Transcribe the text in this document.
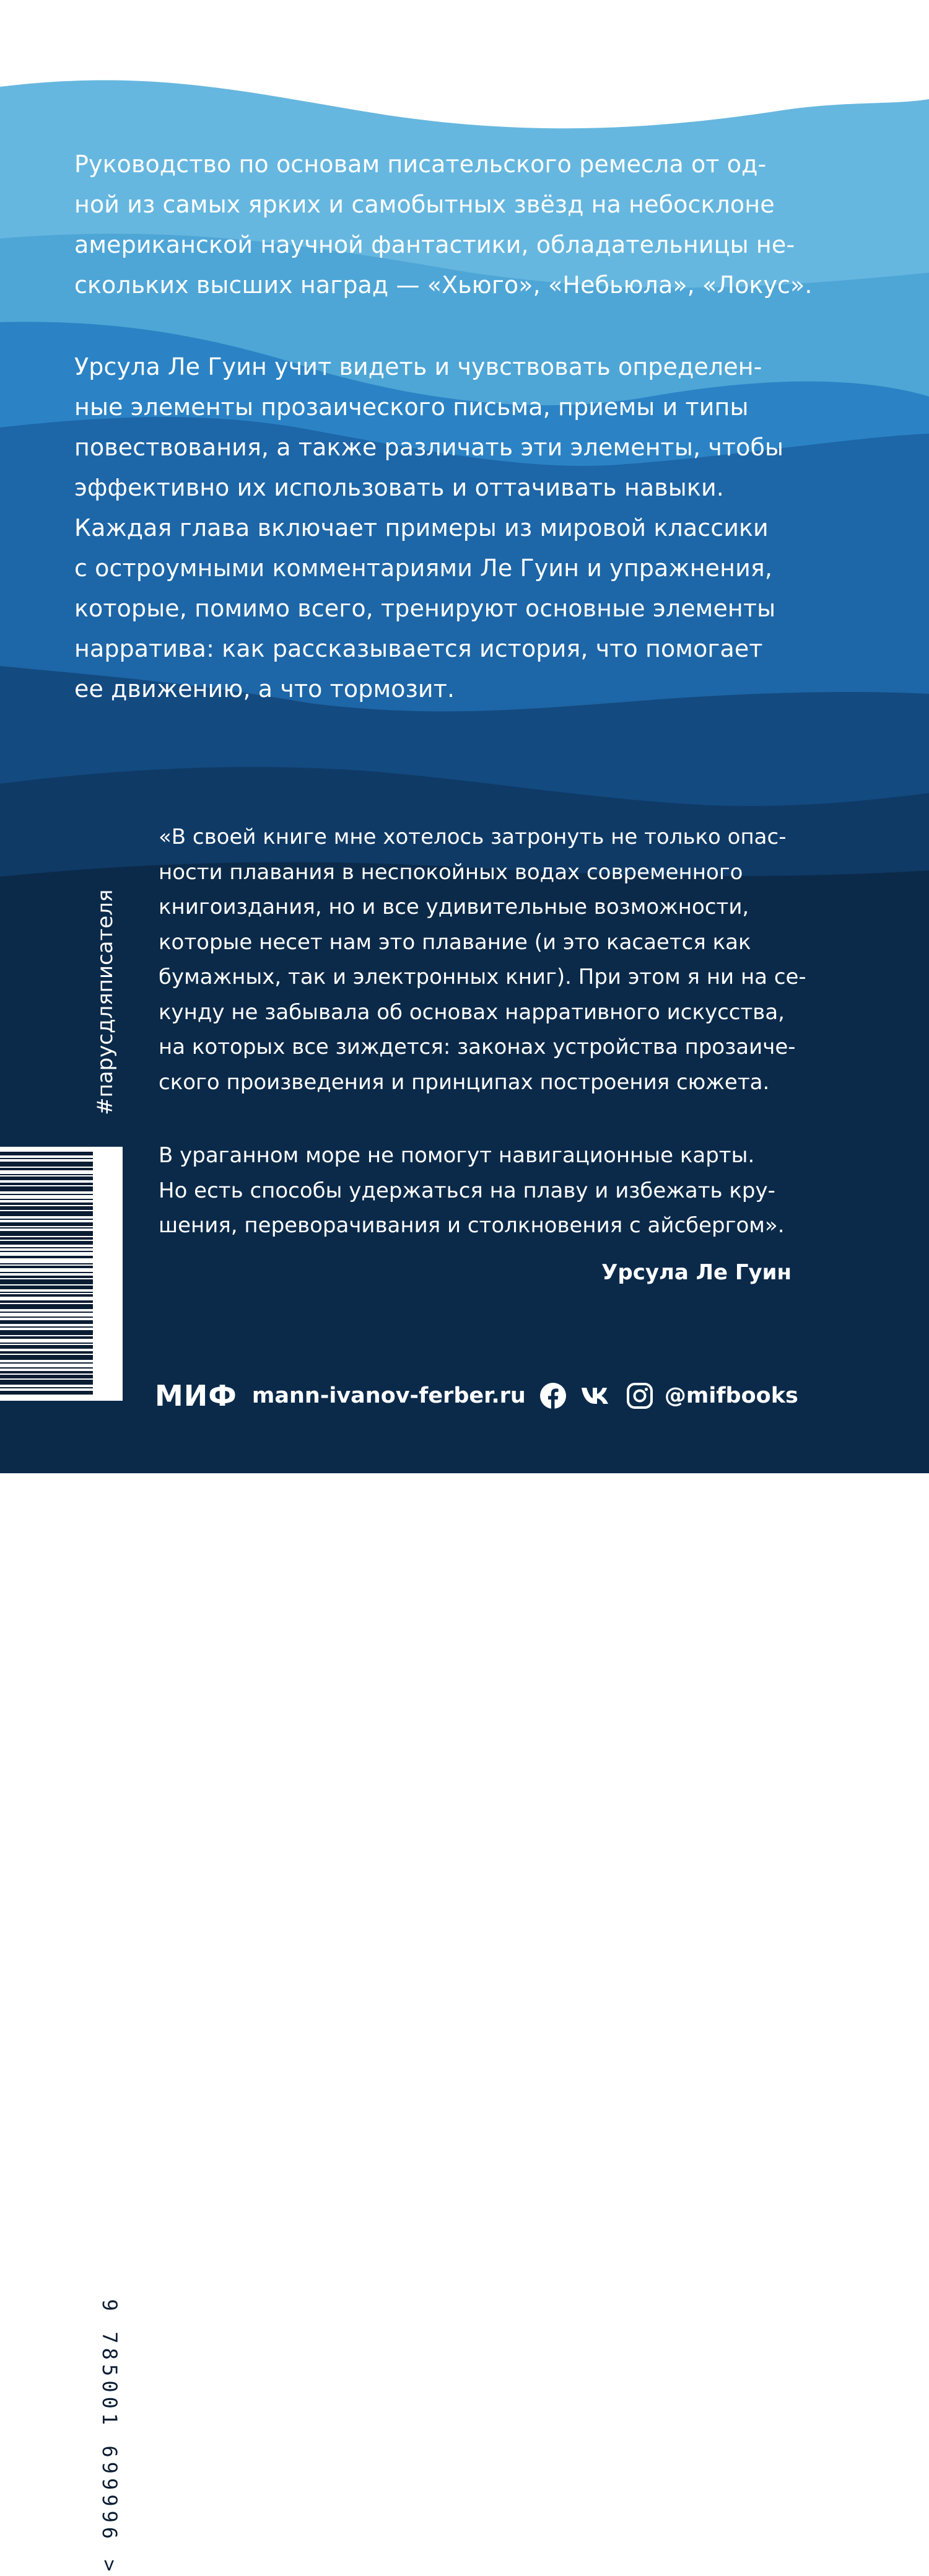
Руководство по основам писательского ремесла от од-
ной из самых ярких и самобытных звёзд на небосклоне
американской научной фантастики, обладательницы не-
скольких высших наград — «Хьюго», «Небьюла», «Локус».
Урсула Ле Гуин учит видеть и чувствовать определен-
ные элементы прозаического письма, приемы и типы
повествования, а также различать эти элементы, чтобы
эффективно их использовать и оттачивать навыки.
Каждая глава включает примеры из мировой классики
с остроумными комментариями Ле Гуин и упражнения,
которые, помимо всего, тренируют основные элементы
нарратива: как рассказывается история, что помогает
ее движению, а что тормозит.
«В своей книге мне хотелось затронуть не только опас-
ности плавания в неспокойных водах современного
книгоиздания, но и все удивительные возможности,
которые несет нам это плавание (и это касается как
бумажных, так и электронных книг). При этом я ни на се-
кунду не забывала об основах нарративного искусства,
на которых все зиждется: законах устройства прозаиче-
ского произведения и принципах построения сюжета.
В ураганном море не помогут навигационные карты.
Но есть способы удержаться на плаву и избежать кру-
шения, переворачивания и столкновения с айсбергом».
Урсула Ле Гуин
#парусдляписателя
9 785001 699996 >
МИФ mann-ivanov-ferber.ru	@mifbooks
